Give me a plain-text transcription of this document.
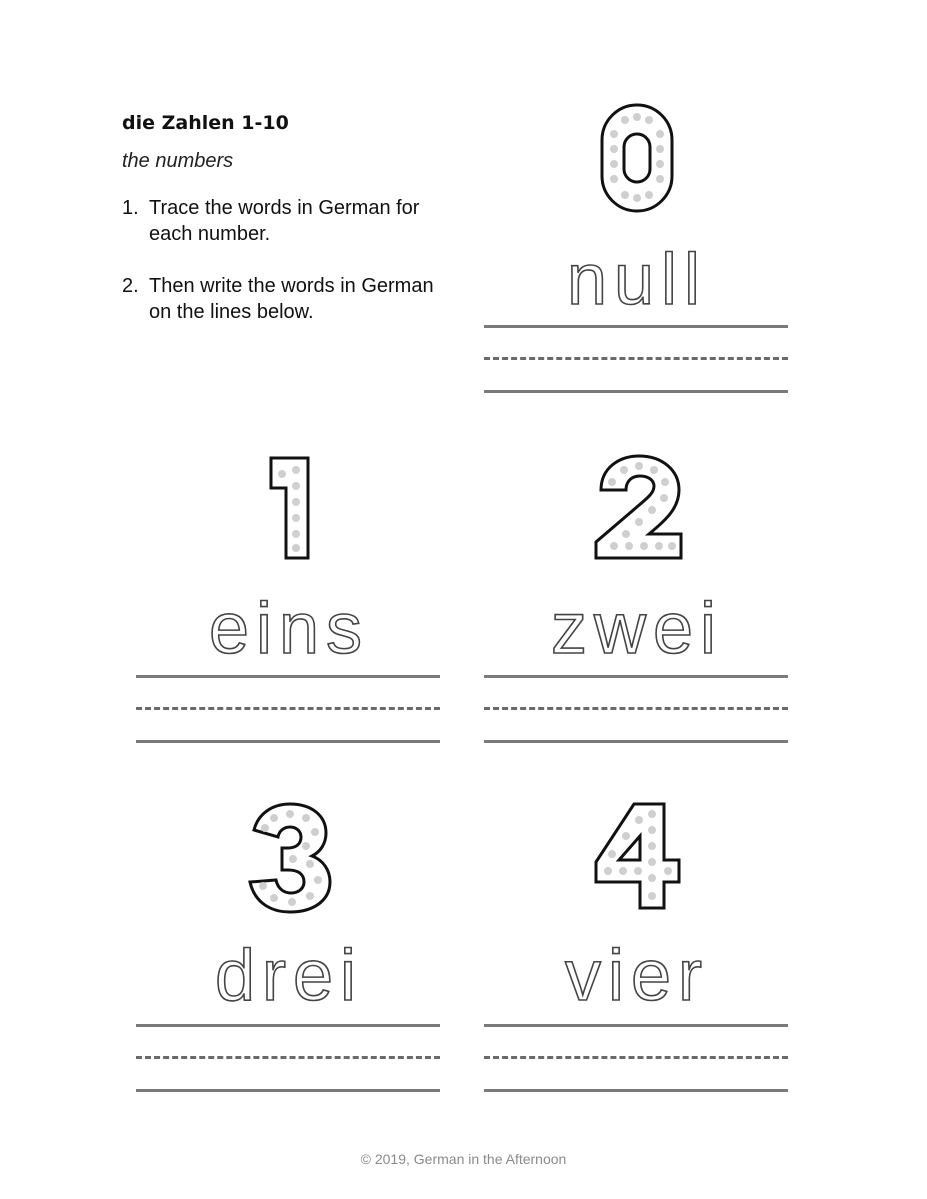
die Zahlen 1-10
the numbers
1. Trace the words in German for each number.
2. Then write the words in German on the lines below.	null
eins	zwei
drei	vier
© 2019, German in the Afternoon
